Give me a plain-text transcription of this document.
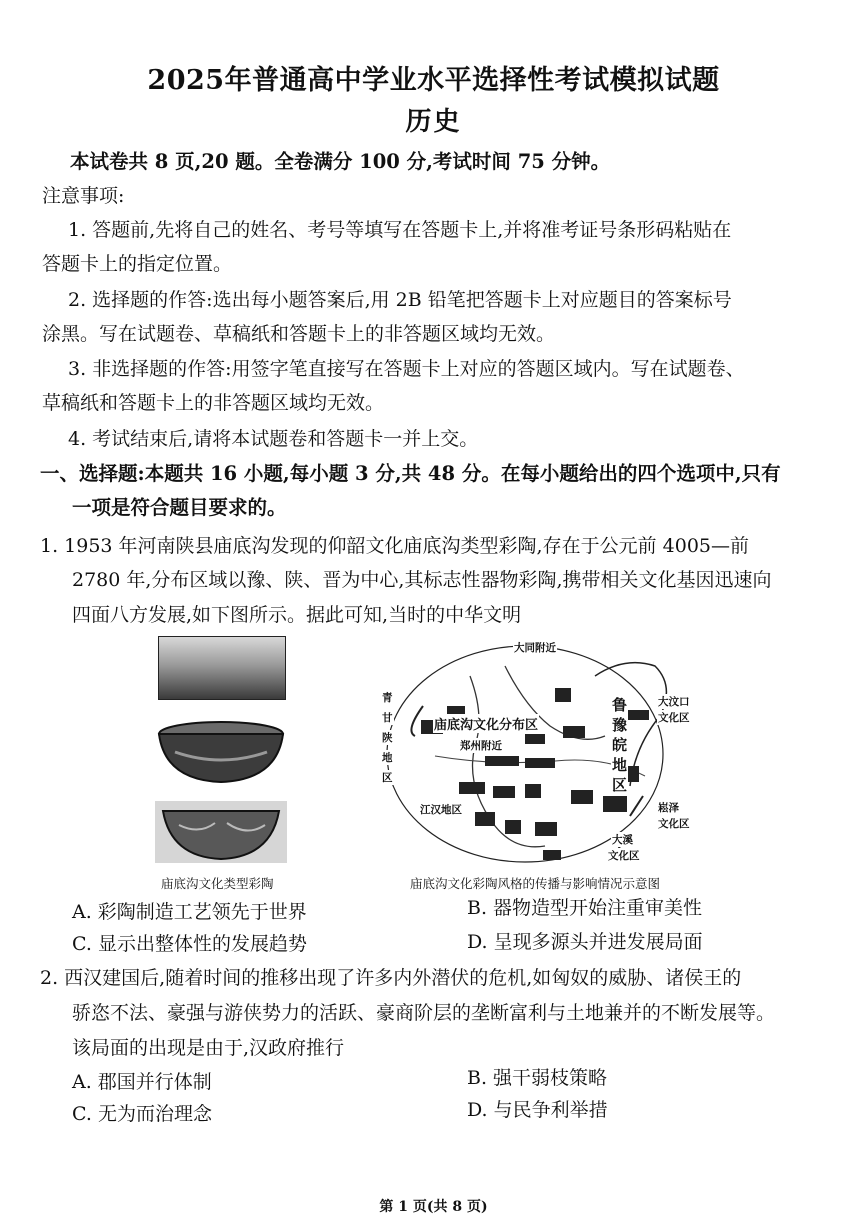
2025年普通高中学业水平选择性考试模拟试题
历史
本试卷共 8 页,20 题。全卷满分 100 分,考试时间 75 分钟。
注意事项:
1. 答题前,先将自己的姓名、考号等填写在答题卡上,并将准考证号条形码粘贴在
答题卡上的指定位置。
2. 选择题的作答:选出每小题答案后,用 2B 铅笔把答题卡上对应题目的答案标号
涂黑。写在试题卷、草稿纸和答题卡上的非答题区域均无效。
3. 非选择题的作答:用签字笔直接写在答题卡上对应的答题区域内。写在试题卷、
草稿纸和答题卡上的非答题区域均无效。
4. 考试结束后,请将本试题卷和答题卡一并上交。
一、选择题:本题共 16 小题,每小题 3 分,共 48 分。在每小题给出的四个选项中,只有
一项是符合题目要求的。
1. 1953 年河南陕县庙底沟发现的仰韶文化庙底沟类型彩陶,存在于公元前 4005—前
2780 年,分布区域以豫、陕、晋为中心,其标志性器物彩陶,携带相关文化基因迅速向
四面八方发展,如下图所示。据此可知,当时的中华文明
庙底沟文化类型彩陶
大同附近
青
甘
陕
地
区
庙底沟文化分布区
郑州附近
大汶口
文化区
江汉地区	崧泽
文化区
大溪
文化区
鲁
豫
皖
地
区
庙底沟文化彩陶风格的传播与影响情况示意图
A. 彩陶制造工艺领先于世界	B. 器物造型开始注重审美性
C. 显示出整体性的发展趋势	D. 呈现多源头并进发展局面
2. 西汉建国后,随着时间的推移出现了许多内外潜伏的危机,如匈奴的威胁、诸侯王的
骄恣不法、豪强与游侠势力的活跃、豪商阶层的垄断富利与土地兼并的不断发展等。
该局面的出现是由于,汉政府推行
A. 郡国并行体制	B. 强干弱枝策略
C. 无为而治理念	D. 与民争利举措
第 1 页(共 8 页)
